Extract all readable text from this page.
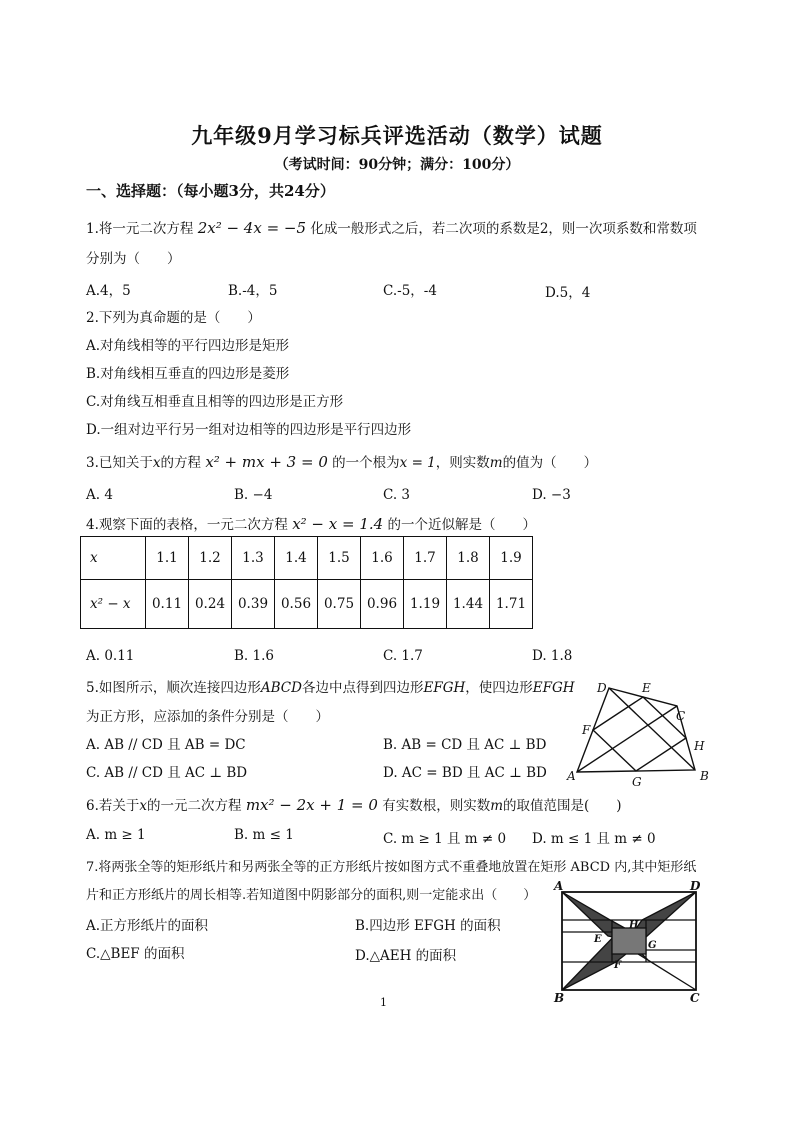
九年级9月学习标兵评选活动（数学）试题
（考试时间：90分钟；满分：100分）
一、选择题：（每小题3分，共24分）
1.将一元二次方程 2x² − 4x = −5 化成一般形式之后，若二次项的系数是2，则一次项系数和常数项
分别为（　　）
A.4，5	B.-4，5	C.-5，-4	D.5，4
2.下列为真命题的是（　　）
A.对角线相等的平行四边形是矩形
B.对角线相互垂直的四边形是菱形
C.对角线互相垂直且相等的四边形是正方形
D.一组对边平行另一组对边相等的四边形是平行四边形
3.已知关于x的方程 x² + mx + 3 = 0 的一个根为x = 1，则实数m的值为（　　）
A. 4	B. −4	C. 3	D. −3
4.观察下面的表格，一元二次方程 x² − x = 1.4 的一个近似解是（　　）
x	1.1	1.2	1.3	1.4	1.5	1.6	1.7	1.8	1.9
x² − x	0.11	0.24	0.39	0.56	0.75	0.96	1.19	1.44	1.71
A. 0.11	B. 1.6	C. 1.7	D. 1.8
5.如图所示，顺次连接四边形ABCD各边中点得到四边形EFGH，使四边形EFGH
为正方形，应添加的条件分别是（　　）
A. AB // CD 且 AB = DC	B. AB = CD 且 AC ⊥ BD
C. AB // CD 且 AC ⊥ BD	D. AC = BD 且 AC ⊥ BD
D	E
C
F
H
A	G	B
6.若关于x的一元二次方程 mx² − 2x + 1 = 0 有实数根，则实数m的取值范围是(　　)
A. m ≥ 1	B. m ≤ 1	C. m ≥ 1 且 m ≠ 0 D. m ≤ 1 且 m ≠ 0
7.将两张全等的矩形纸片和另两张全等的正方形纸片按如图方式不重叠地放置在矩形 ABCD 内,其中矩形纸
片和正方形纸片的周长相等.若知道图中阴影部分的面积,则一定能求出（　　）
A.正方形纸片的面积	B.四边形 EFGH 的面积
C.△BEF 的面积	D.△AEH 的面积
A	D
H
E
G
F
B	C
1
